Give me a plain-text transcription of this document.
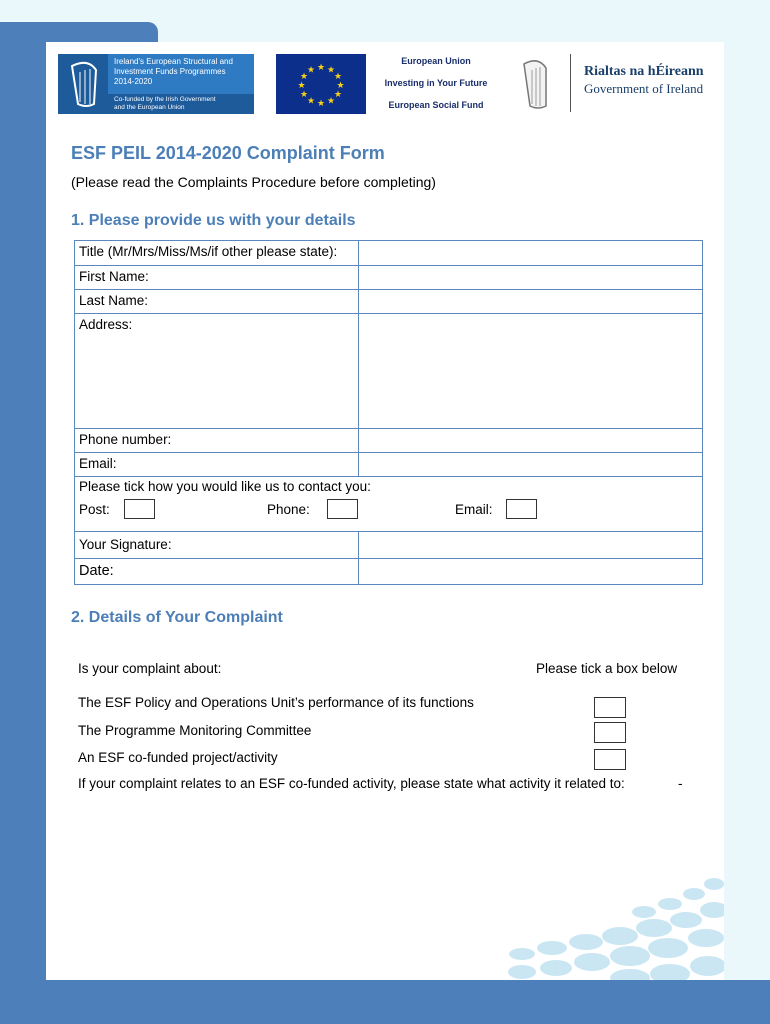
Ireland's European Structural and
Investment Funds Programmes
2014-2020
Co-funded by the Irish Government
and the European Union
★ ★
★
★
★
★
★
★
★
★
★
★
European Union
Investing in Your Future
European Social Fund
Rialtas na hÉireann
Government of Ireland
ESF PEIL 2014-2020 Complaint Form
(Please read the Complaints Procedure before completing)
1. Please provide us with your details
Title (Mr/Mrs/Miss/Ms/if other please state):	
First Name:	
Last Name:	
Address:	
Phone number:	
Email:	

Please tick how you would like us to contact you:
Post: Phone: Email:	

Your Signature:	
Date:	
2. Details of Your Complaint
Is your complaint about:	Please tick a box below
The ESF Policy and Operations Unit’s performance of its functions
The Programme Monitoring Committee
An ESF co-funded project/activity
If your complaint relates to an ESF co-funded activity, please state what activity it related to:	-
